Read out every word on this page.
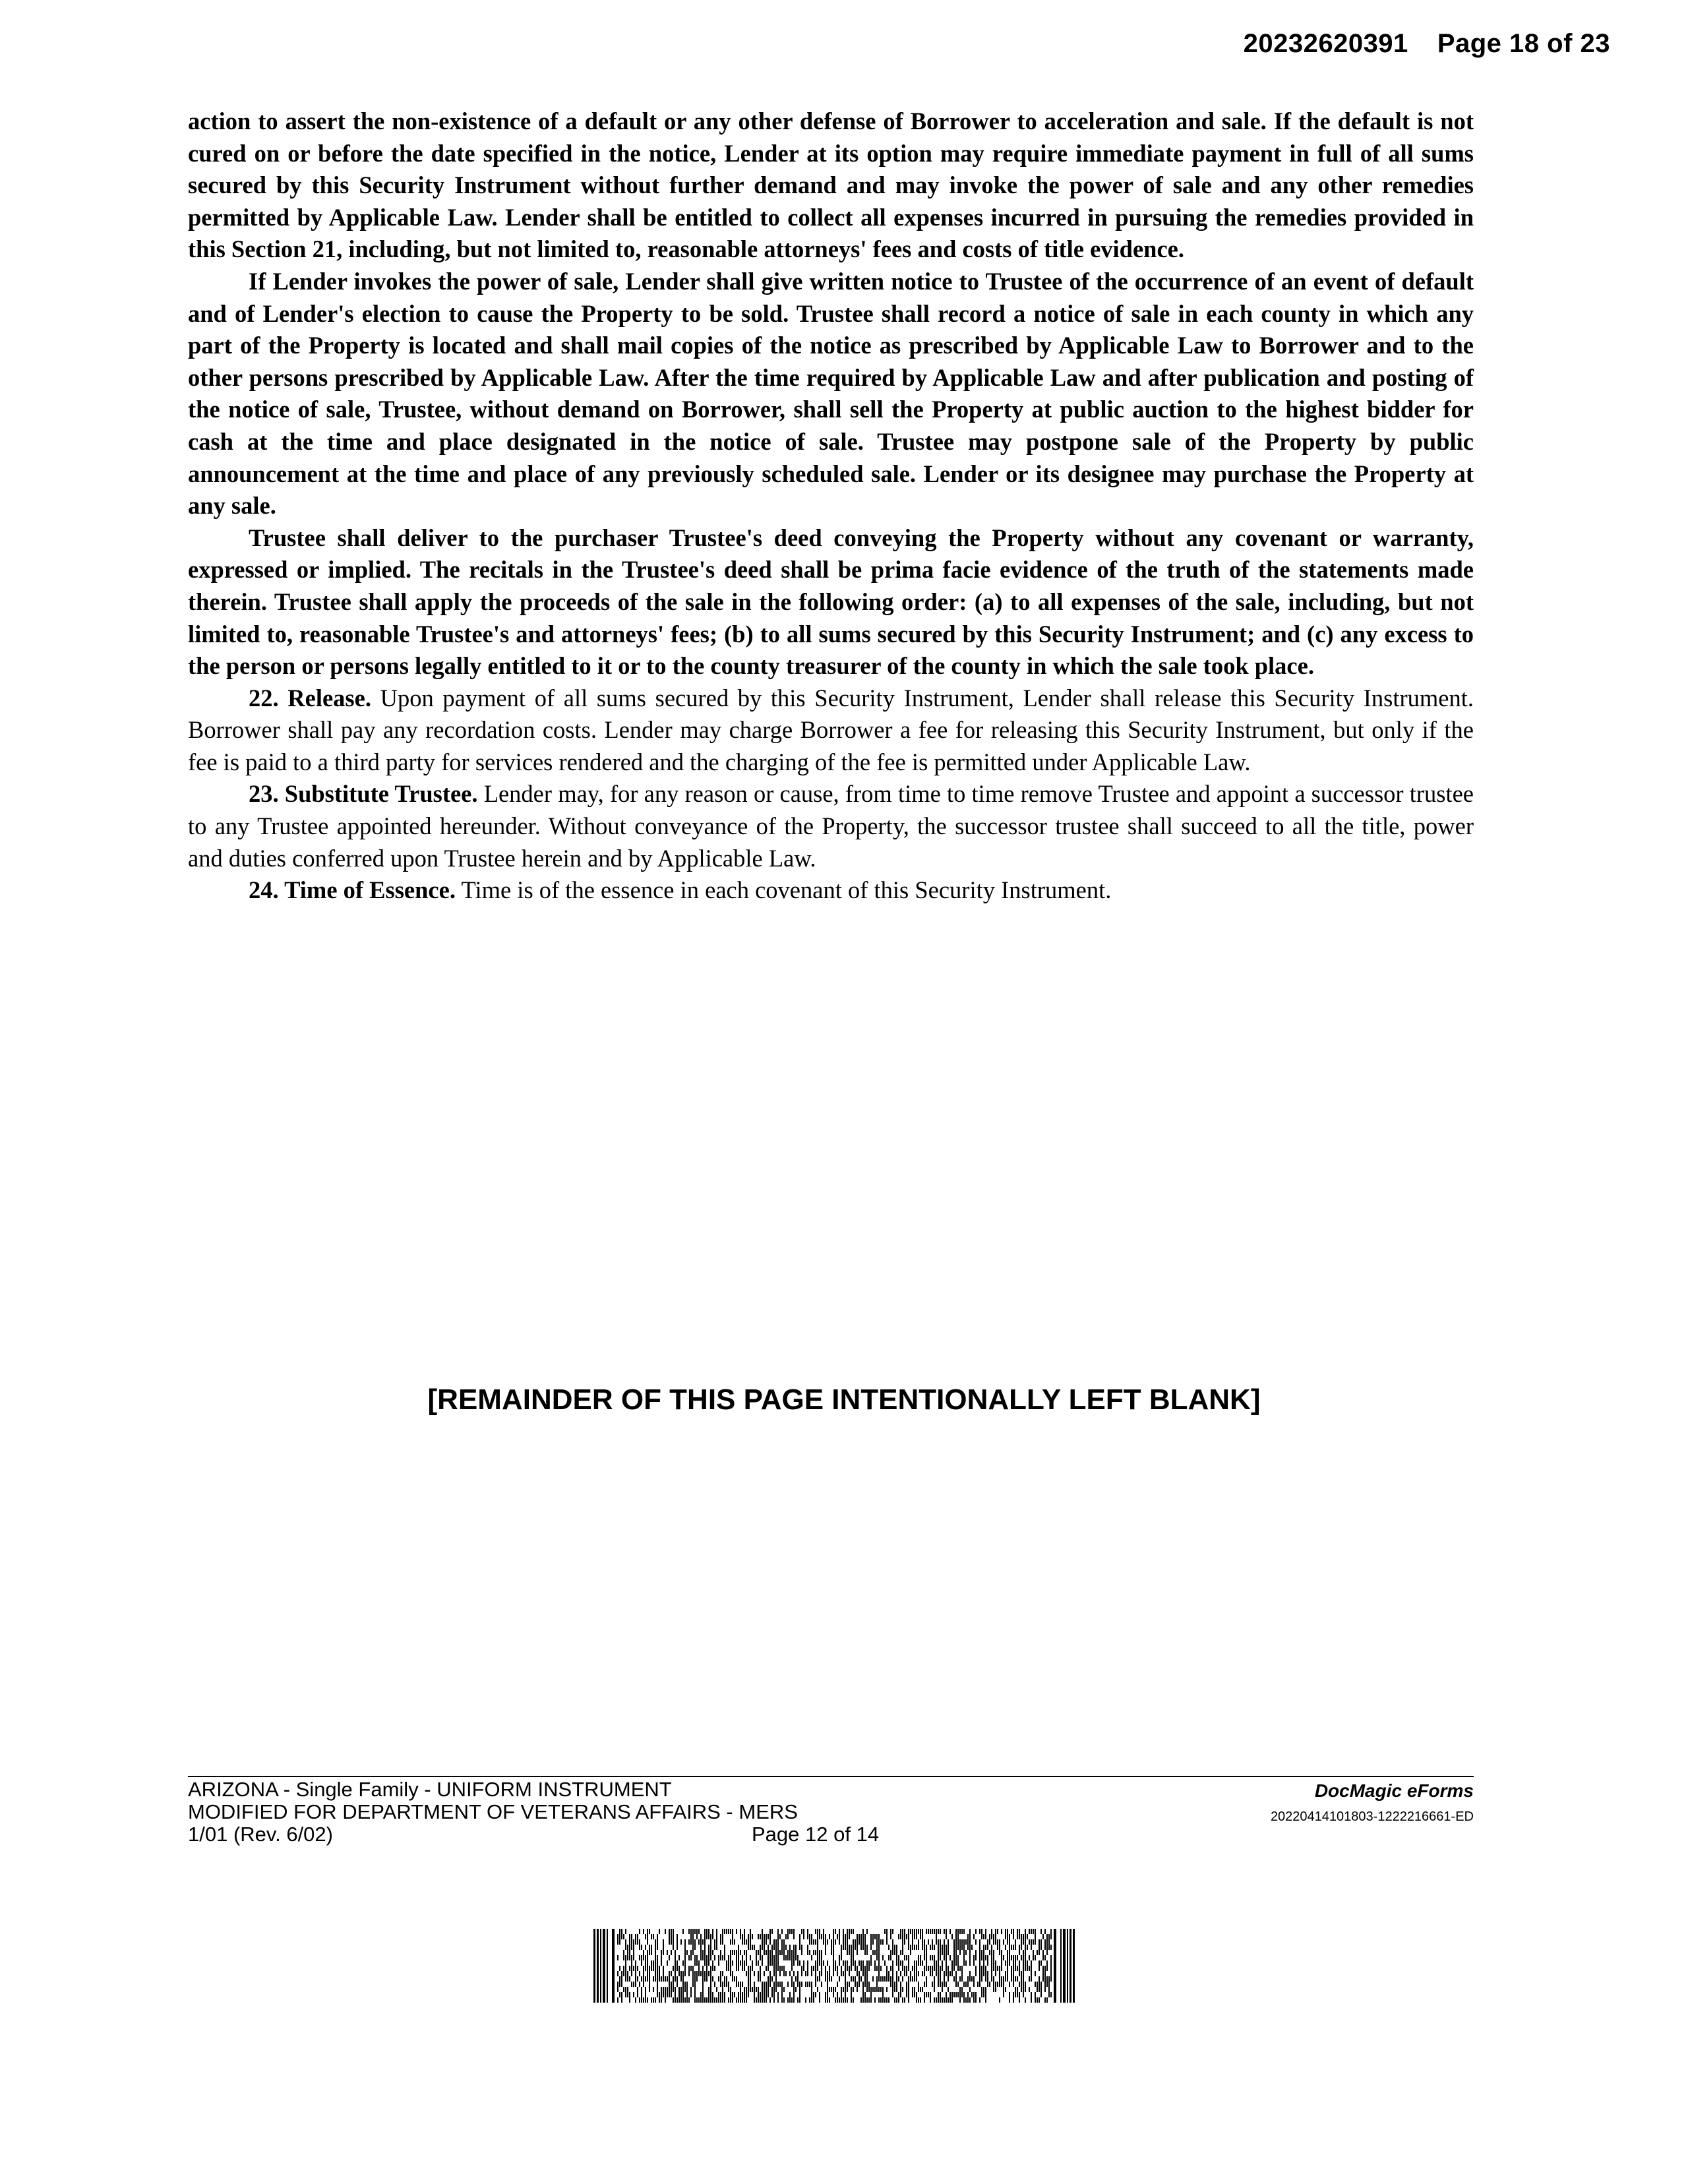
20232620391 Page 18 of 23

action to assert the non-existence of a default or any other defense of Borrower to acceleration and sale. If the default is not cured on or before the date specified in the notice, Lender at its option may require immediate payment in full of all sums secured by this Security Instrument without further demand and may invoke the power of sale and any other remedies permitted by Applicable Law. Lender shall be entitled to collect all expenses incurred in pursuing the remedies provided in this Section 21, including, but not limited to, reasonable attorneys' fees and costs of title evidence.

If Lender invokes the power of sale, Lender shall give written notice to Trustee of the occurrence of an event of default and of Lender's election to cause the Property to be sold. Trustee shall record a notice of sale in each county in which any part of the Property is located and shall mail copies of the notice as prescribed by Applicable Law to Borrower and to the other persons prescribed by Applicable Law. After the time required by Applicable Law and after publication and posting of the notice of sale, Trustee, without demand on Borrower, shall sell the Property at public auction to the highest bidder for cash at the time and place designated in the notice of sale. Trustee may postpone sale of the Property by public announcement at the time and place of any previously scheduled sale. Lender or its designee may purchase the Property at any sale.

Trustee shall deliver to the purchaser Trustee's deed conveying the Property without any covenant or warranty, expressed or implied. The recitals in the Trustee's deed shall be prima facie evidence of the truth of the statements made therein. Trustee shall apply the proceeds of the sale in the following order: (a) to all expenses of the sale, including, but not limited to, reasonable Trustee's and attorneys' fees; (b) to all sums secured by this Security Instrument; and (c) any excess to the person or persons legally entitled to it or to the county treasurer of the county in which the sale took place.

22. Release. Upon payment of all sums secured by this Security Instrument, Lender shall release this Security Instrument. Borrower shall pay any recordation costs. Lender may charge Borrower a fee for releasing this Security Instrument, but only if the fee is paid to a third party for services rendered and the charging of the fee is permitted under Applicable Law.

23. Substitute Trustee. Lender may, for any reason or cause, from time to time remove Trustee and appoint a successor trustee to any Trustee appointed hereunder. Without conveyance of the Property, the successor trustee shall succeed to all the title, power and duties conferred upon Trustee herein and by Applicable Law.

24. Time of Essence. Time is of the essence in each covenant of this Security Instrument.

[REMAINDER OF THIS PAGE INTENTIONALLY LEFT BLANK]
ARIZONA - Single Family - UNIFORM INSTRUMENT
MODIFIED FOR DEPARTMENT OF VETERANS AFFAIRS - MERS
1/01 (Rev. 6/02)	Page 12 of 14
DocMagic eForms
20220414101803-1222216661-ED
